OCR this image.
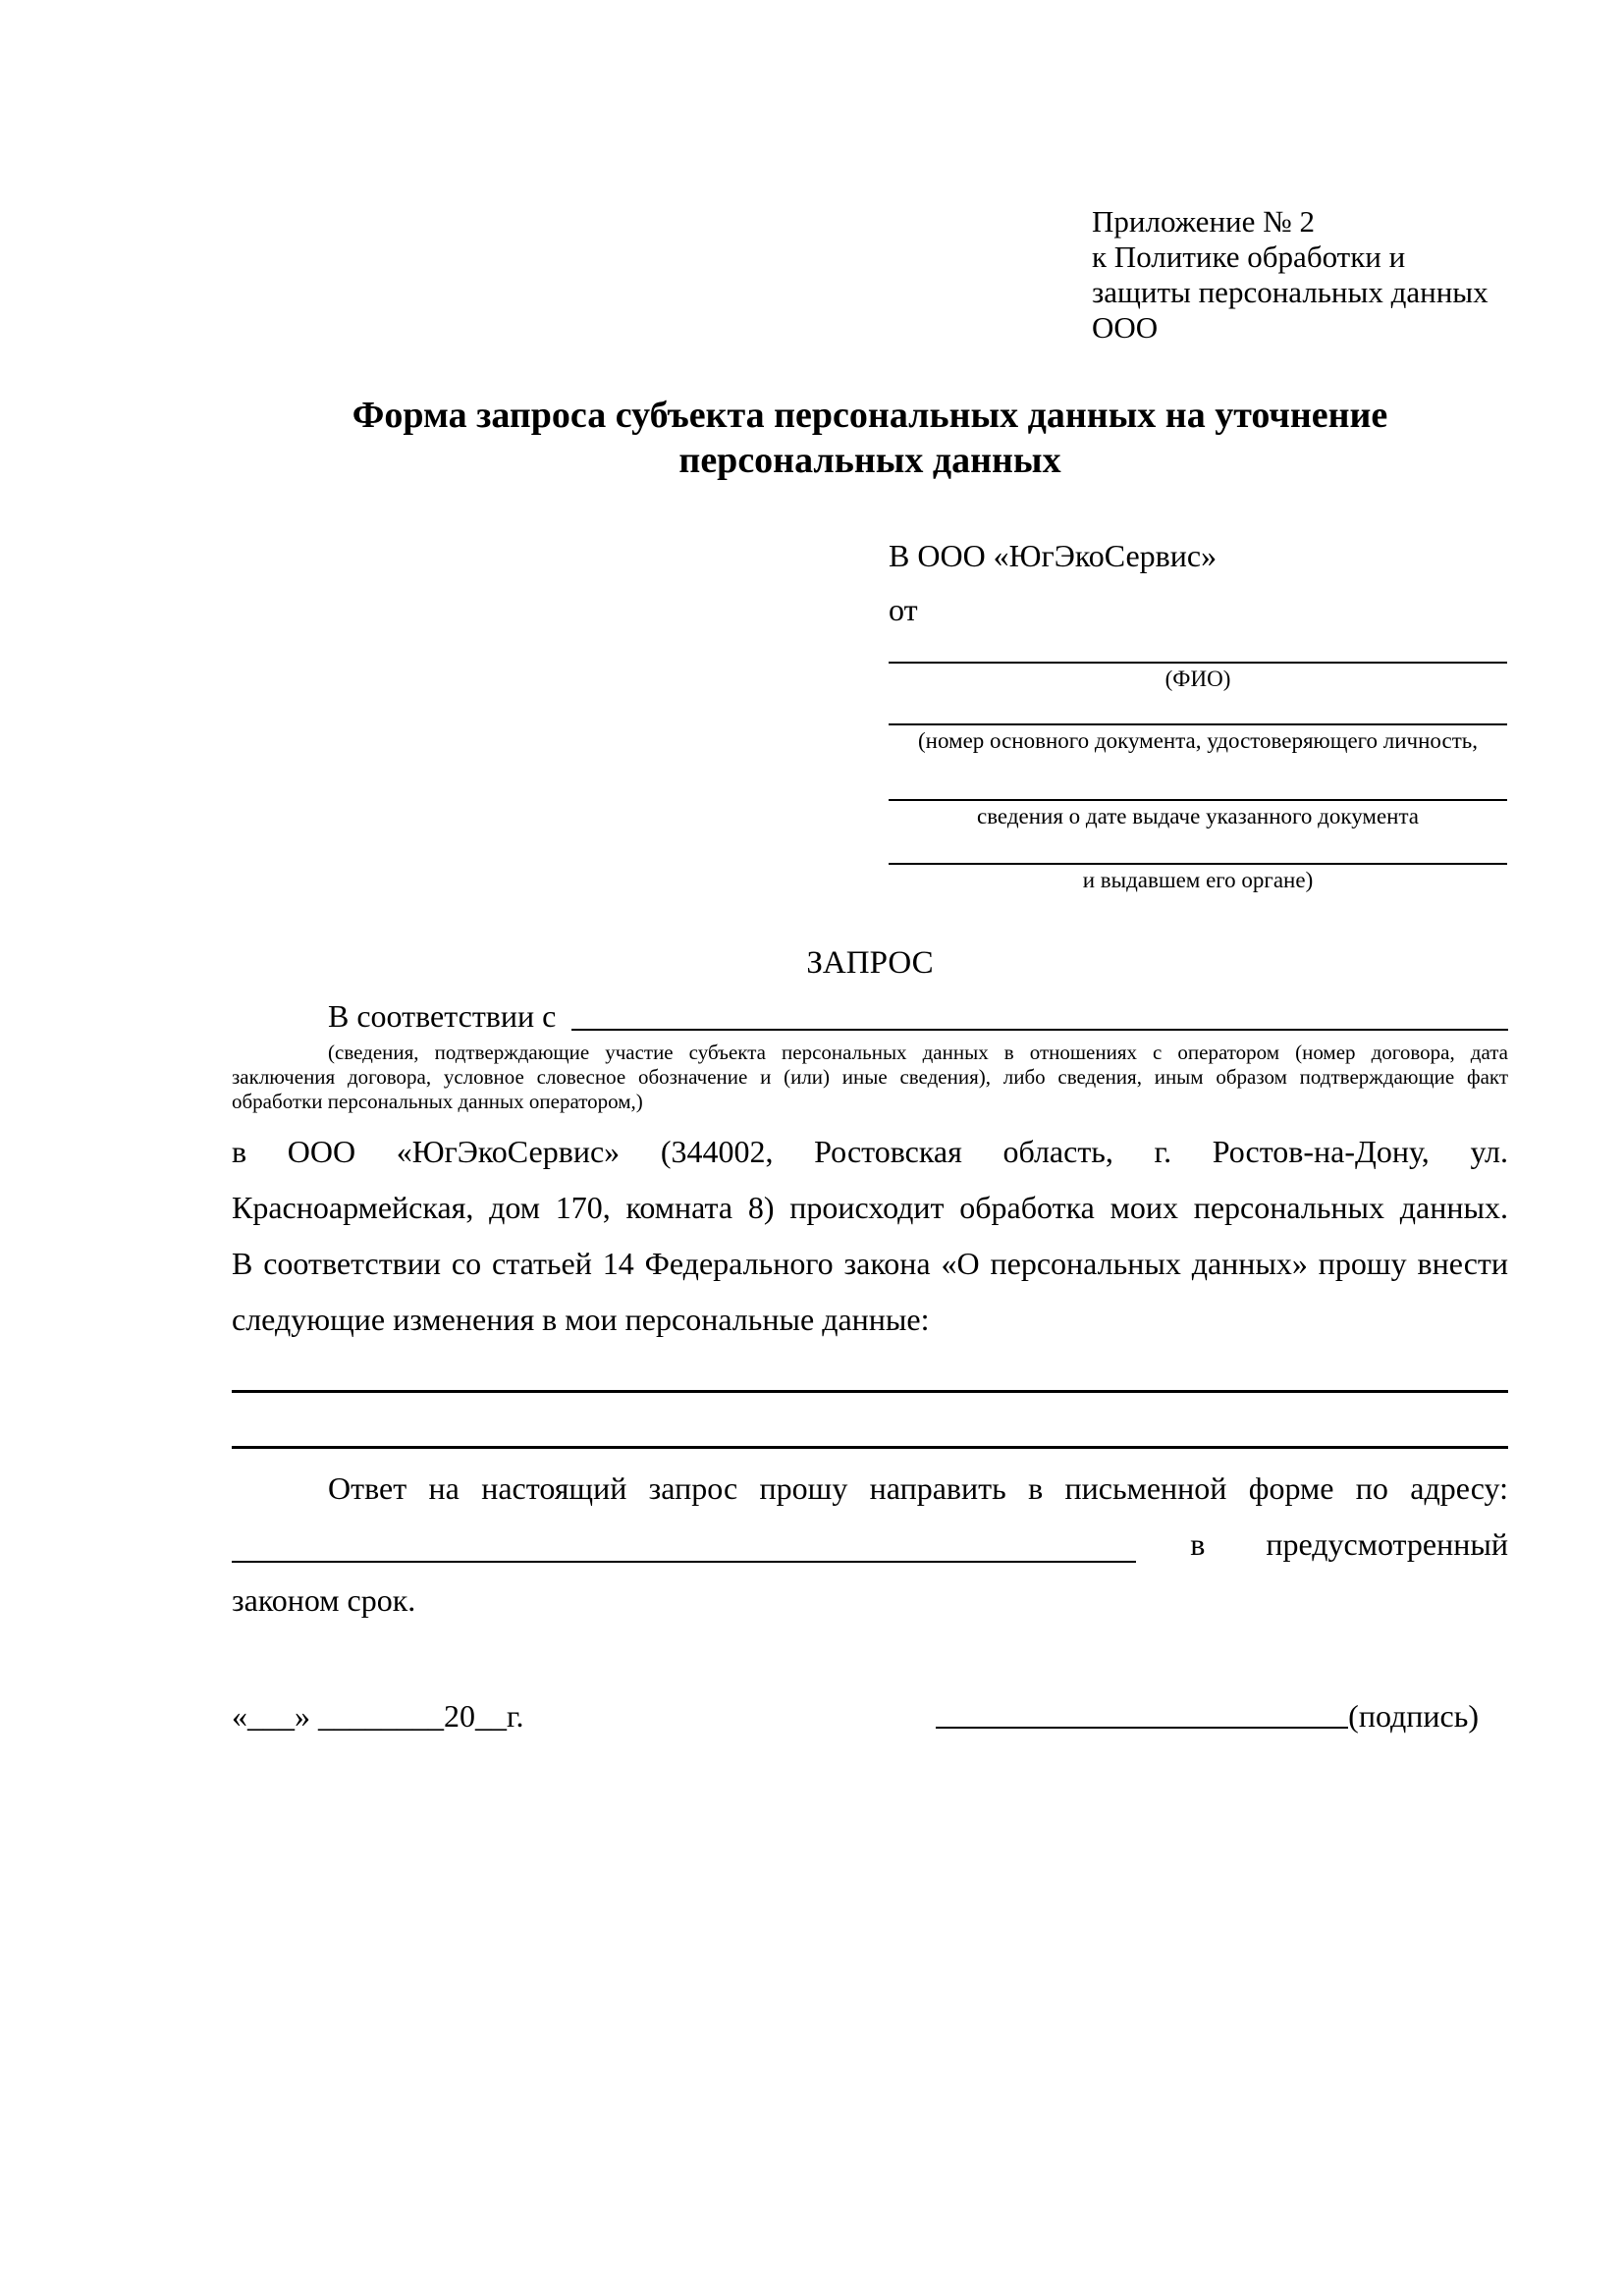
Приложение № 2
к Политике обработки и
защиты персональных данных
ООО
Форма запроса субъекта персональных данных на уточнение
персональных данных
В ООО «ЮгЭкоСервис»
от
(ФИО)
(номер основного документа, удостоверяющего личность,
сведения о дате выдаче указанного документа
и выдавшем его органе)
ЗАПРОС
В соответствии с
(сведения, подтверждающие участие субъекта персональных данных в отношениях с оператором (номер договора, дата
заключения договора, условное словесное обозначение и (или) иные сведения), либо сведения, иным образом подтверждающие факт
обработки персональных данных оператором,)
в ООО «ЮгЭкоСервис» (344002, Ростовская область, г. Ростов-на-Дону, ул.
Красноармейская, дом 170, комната 8) происходит обработка моих персональных данных.
В соответствии со статьей 14 Федерального закона «О персональных данных» прошу внести
следующие изменения в мои персональные данные:
Ответ на настоящий запрос прошу направить в письменной форме по адресу:
в предусмотренный
законом срок.
«___» ________20__г.	(подпись)
